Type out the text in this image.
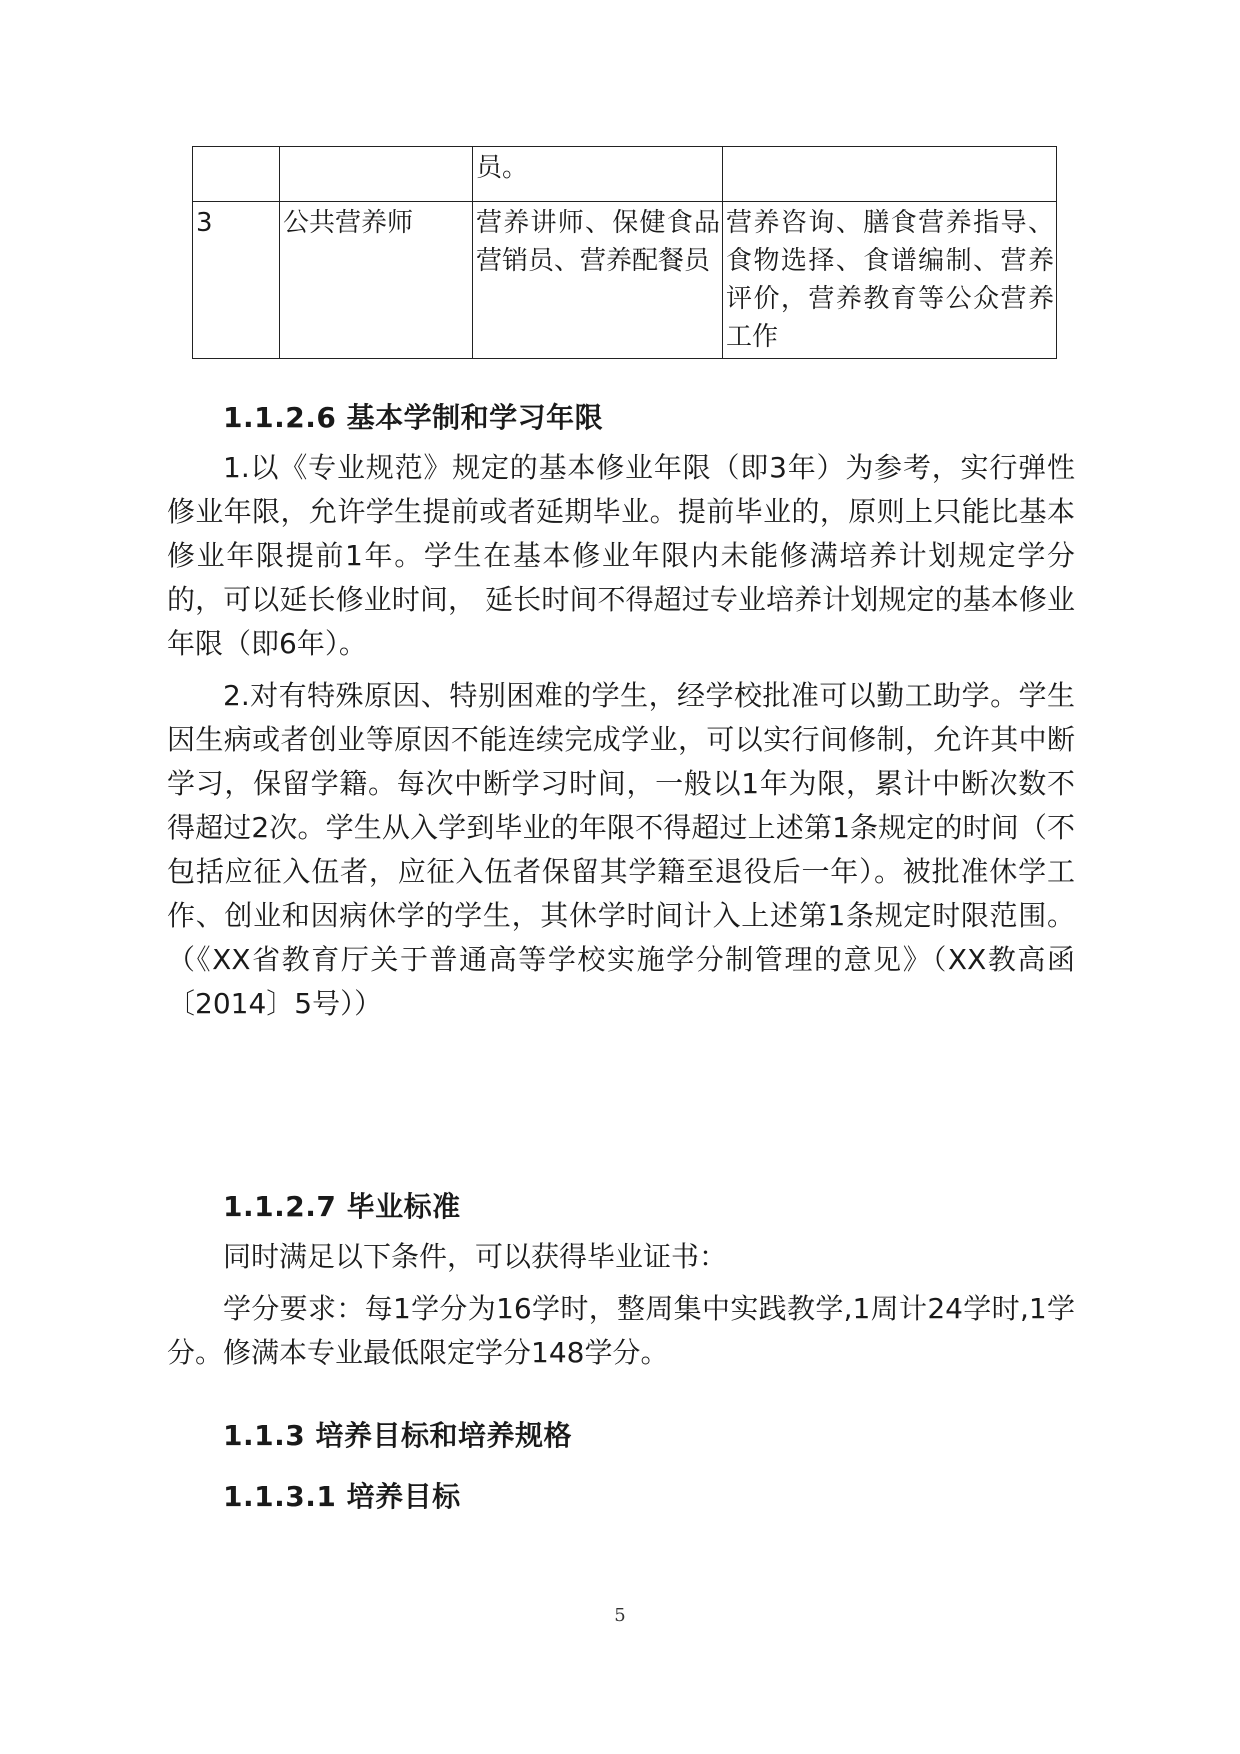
		员。	
3	公共营养师	营养讲师、保健食品营销员、营养配餐员	营养咨询、膳食营养指导、食物选择、食谱编制、营养评价，营养教育等公众营养工作
1.1.2.6 基本学制和学习年限

1.以《专业规范》规定的基本修业年限（即3年）为参考，实行弹性修业年限，允许学生提前或者延期毕业。提前毕业的，原则上只能比基本修业年限提前1年。学生在基本修业年限内未能修满培养计划规定学分的，可以延长修业时间， 延长时间不得超过专业培养计划规定的基本修业年限（即6年）。

2.对有特殊原因、特别困难的学生，经学校批准可以勤工助学。学生因生病或者创业等原因不能连续完成学业，可以实行间修制，允许其中断学习，保留学籍。每次中断学习时间，一般以1年为限，累计中断次数不得超过2次。学生从入学到毕业的年限不得超过上述第1条规定的时间（不包括应征入伍者，应征入伍者保留其学籍至退役后一年）。被批准休学工作、创业和因病休学的学生，其休学时间计入上述第1条规定时限范围。（《XX省教育厅关于普通高等学校实施学分制管理的意见》（XX教高函〔2014〕5号））

1.1.2.7 毕业标准

同时满足以下条件，可以获得毕业证书：

学分要求：每1学分为16学时，整周集中实践教学,1周计24学时,1学分。修满本专业最低限定学分148学分。

1.1.3 培养目标和培养规格
1.1.3.1 培养目标
5
